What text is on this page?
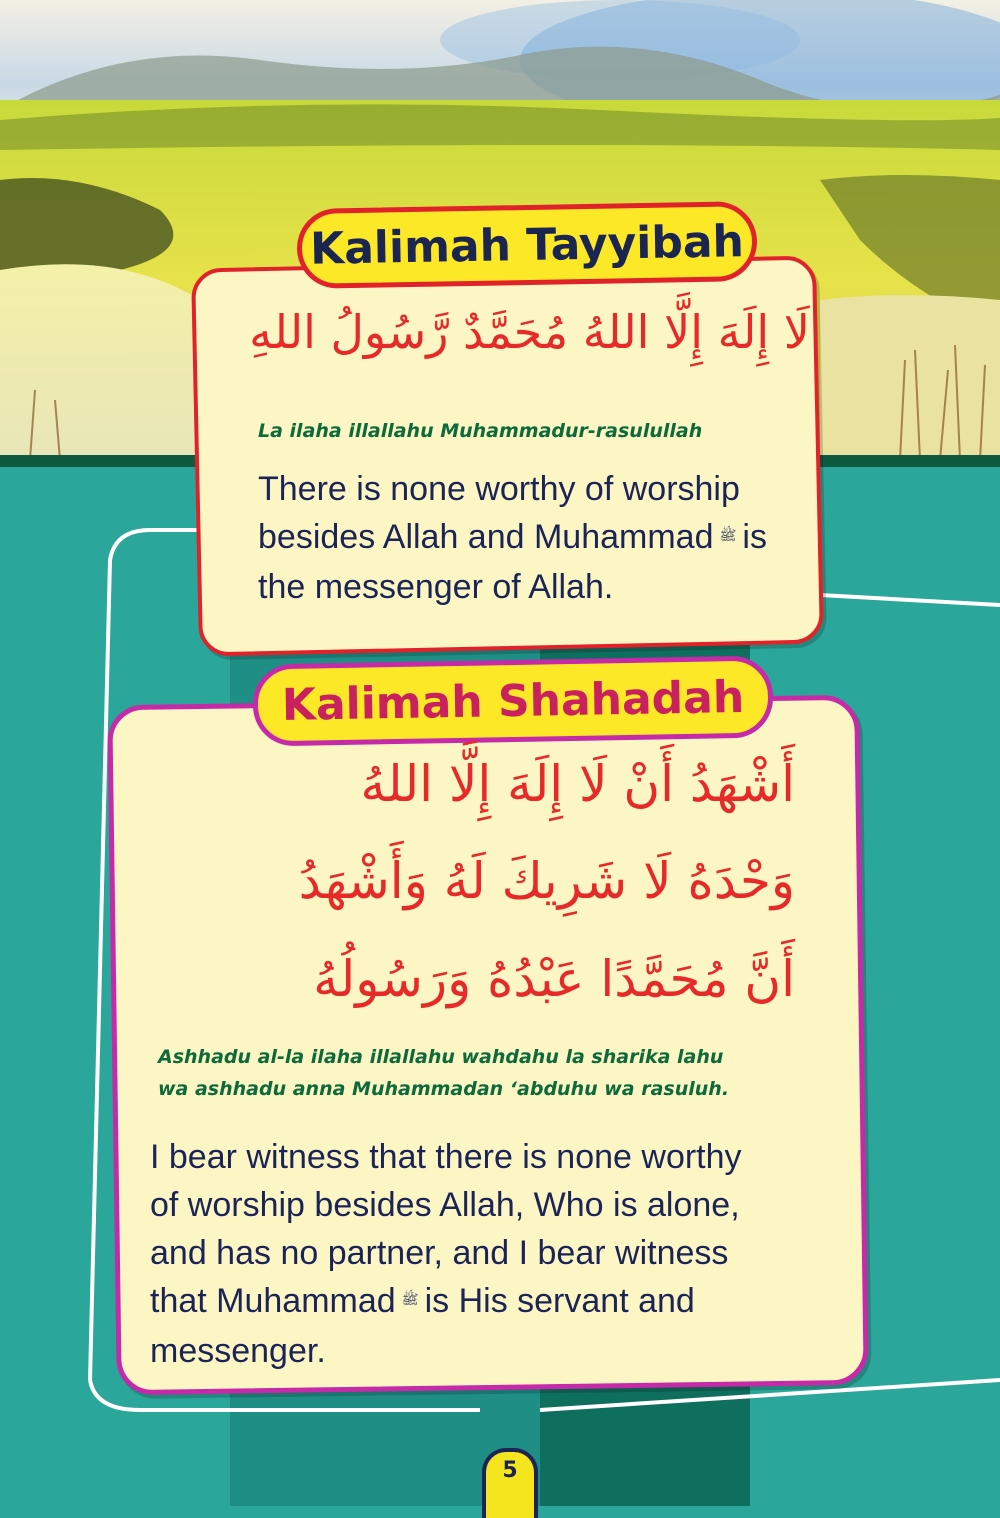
Kalimah Tayyibah
لَا إِلَهَ إِلَّا اللهُ مُحَمَّدٌ رَّسُولُ اللهِ
La ilaha illallahu Muhammadur-rasulullah
There is none worthy of worship
besides Allah and Muhammad ﷺ is
the messenger of Allah.
Kalimah Shahadah
أَشْهَدُ أَنْ لَا إِلَهَ إِلَّا اللهُ
وَحْدَهُ لَا شَرِيكَ لَهُ وَأَشْهَدُ
أَنَّ مُحَمَّدًا عَبْدُهُ وَرَسُولُهُ
Ashhadu al-la ilaha illallahu wahdahu la sharika lahu
wa ashhadu anna Muhammadan ‘abduhu wa rasuluh.
I bear witness that there is none worthy
of worship besides Allah, Who is alone,
and has no partner, and I bear witness
that Muhammad ﷺ is His servant and
messenger.
5
